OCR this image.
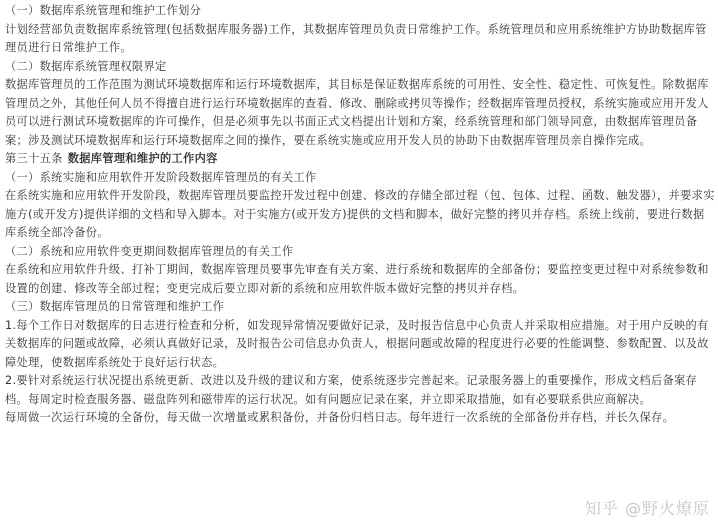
（一）数据库系统管理和维护工作划分

计划经营部负责数据库系统管理(包括数据库服务器)工作，其数据库管理员负责日常维护工作。系统管理员和应用系统维护方协助数据库管理员进行日常维护工作。

（二）数据库系统管理权限界定

数据库管理员的工作范围为测试环境数据库和运行环境数据库，其目标是保证数据库系统的可用性、安全性、稳定性、可恢复性。除数据库管理员之外，其他任何人员不得擅自进行运行环境数据库的查看、修改、删除或拷贝等操作；经数据库管理员授权，系统实施或应用开发人员可以进行测试环境数据库的许可操作，但是必须事先以书面正式文档提出计划和方案，经系统管理和部门领导同意，由数据库管理员备案；涉及测试环境数据库和运行环境数据库之间的操作，要在系统实施或应用开发人员的协助下由数据库管理员亲自操作完成。

第三十五条 数据库管理和维护的工作内容

（一）系统实施和应用软件开发阶段数据库管理员的有关工作

在系统实施和应用软件开发阶段，数据库管理员要监控开发过程中创建、修改的存储全部过程（包、包体、过程、函数、触发器），并要求实施方(或开发方)提供详细的文档和导入脚本。对于实施方(或开发方)提供的文档和脚本，做好完整的拷贝并存档。系统上线前，要进行数据库系统全部冷备份。

（二）系统和应用软件变更期间数据库管理员的有关工作

在系统和应用软件升级、打补丁期间，数据库管理员要事先审查有关方案、进行系统和数据库的全部备份；要监控变更过程中对系统参数和设置的创建、修改等全部过程；变更完成后要立即对新的系统和应用软件版本做好完整的拷贝并存档。

（三）数据库管理员的日常管理和维护工作

1.每个工作日对数据库的日志进行检查和分析，如发现异常情况要做好记录，及时报告信息中心负责人并采取相应措施。对于用户反映的有关数据库的问题或故障，必须认真做好记录，及时报告公司信息办负责人，根据问题或故障的程度进行必要的性能调整、参数配置、以及故障处理，使数据库系统处于良好运行状态。

2.要针对系统运行状况提出系统更新、改进以及升级的建议和方案，使系统逐步完善起来。记录服务器上的重要操作，形成文档后备案存档。每周定时检查服务器、磁盘阵列和磁带库的运行状况。如有问题应记录在案，并立即采取措施，如有必要联系供应商解决。

每周做一次运行环境的全备份，每天做一次增量或累积备份，并备份归档日志。每年进行一次系统的全部备份并存档，并长久保存。

知乎 @野火燎原
